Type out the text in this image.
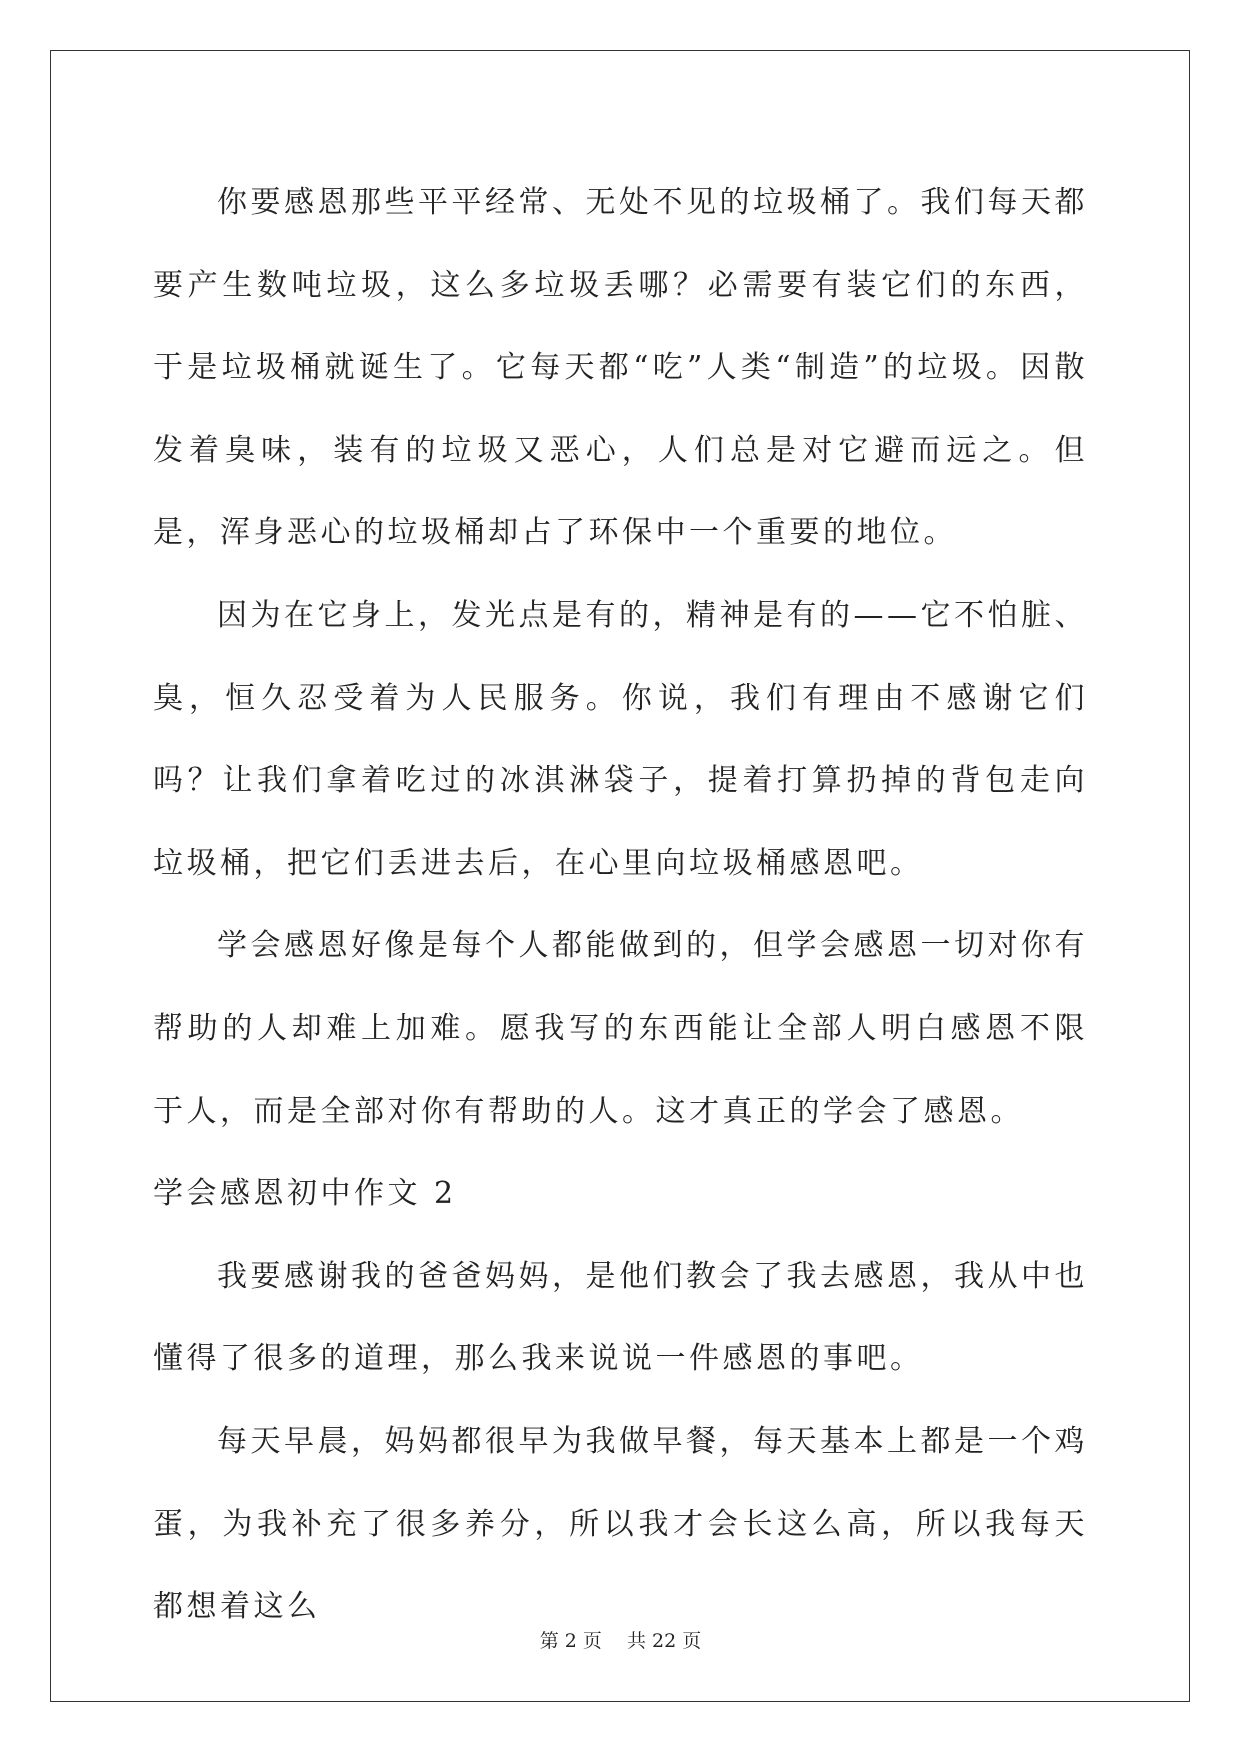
你要感恩那些平平经常、无处不见的垃圾桶了。我们每天都要产生数吨垃圾，这么多垃圾丢哪？必需要有装它们的东西，于是垃圾桶就诞生了。它每天都“吃”人类“制造”的垃圾。因散发着臭味，装有的垃圾又恶心，人们总是对它避而远之。但是，浑身恶心的垃圾桶却占了环保中一个重要的地位。

因为在它身上，发光点是有的，精神是有的——它不怕脏、臭，恒久忍受着为人民服务。你说，我们有理由不感谢它们吗？让我们拿着吃过的冰淇淋袋子，提着打算扔掉的背包走向垃圾桶，把它们丢进去后，在心里向垃圾桶感恩吧。

学会感恩好像是每个人都能做到的，但学会感恩一切对你有帮助的人却难上加难。愿我写的东西能让全部人明白感恩不限于人，而是全部对你有帮助的人。这才真正的学会了感恩。

学会感恩初中作文 2

我要感谢我的爸爸妈妈，是他们教会了我去感恩，我从中也懂得了很多的道理，那么我来说说一件感恩的事吧。

每天早晨，妈妈都很早为我做早餐，每天基本上都是一个鸡蛋，为我补充了很多养分，所以我才会长这么高，所以我每天都想着这么

第 2 页　 共 22 页
